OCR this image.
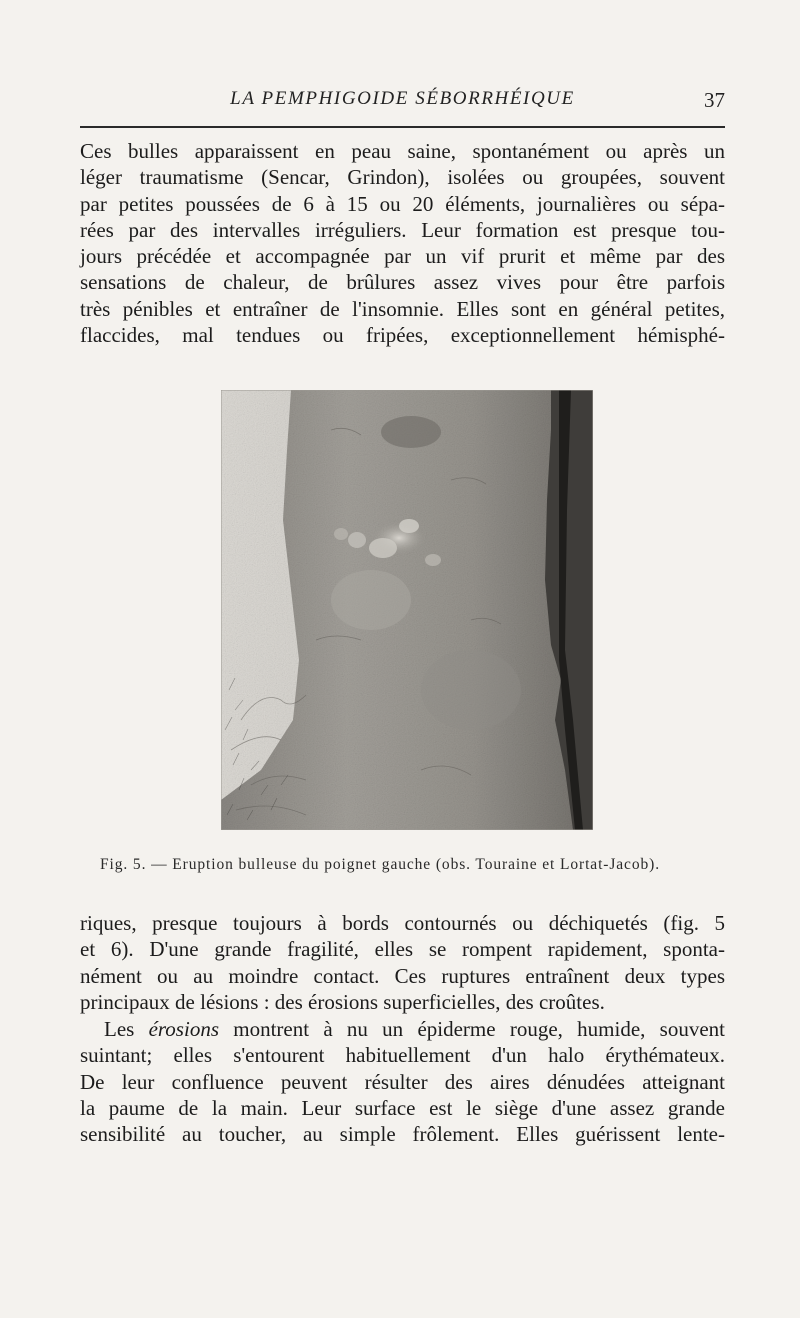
LA PEMPHIGOIDE SÉBORRHÉIQUE	37
Ces bulles apparaissent en peau saine, spontanément ou après un
léger traumatisme (Sencar, Grindon), isolées ou groupées, souvent
par petites poussées de 6 à 15 ou 20 éléments, journalières ou sépa-
rées par des intervalles irréguliers. Leur formation est presque tou-
jours précédée et accompagnée par un vif prurit et même par des
sensations de chaleur, de brûlures assez vives pour être parfois
très pénibles et entraîner de l'insomnie. Elles sont en général petites,
flaccides, mal tendues ou fripées, exceptionnellement hémisphé-
Fig. 5. — Eruption bulleuse du poignet gauche (obs. Touraine et Lortat-Jacob).
riques, presque toujours à bords contournés ou déchiquetés (fig. 5
et 6). D'une grande fragilité, elles se rompent rapidement, sponta-
nément ou au moindre contact. Ces ruptures entraînent deux types
principaux de lésions : des érosions superficielles, des croûtes.
Les érosions montrent à nu un épiderme rouge, humide, souvent
suintant; elles s'entourent habituellement d'un halo érythémateux.
De leur confluence peuvent résulter des aires dénudées atteignant
la paume de la main. Leur surface est le siège d'une assez grande
sensibilité au toucher, au simple frôlement. Elles guérissent lente-
